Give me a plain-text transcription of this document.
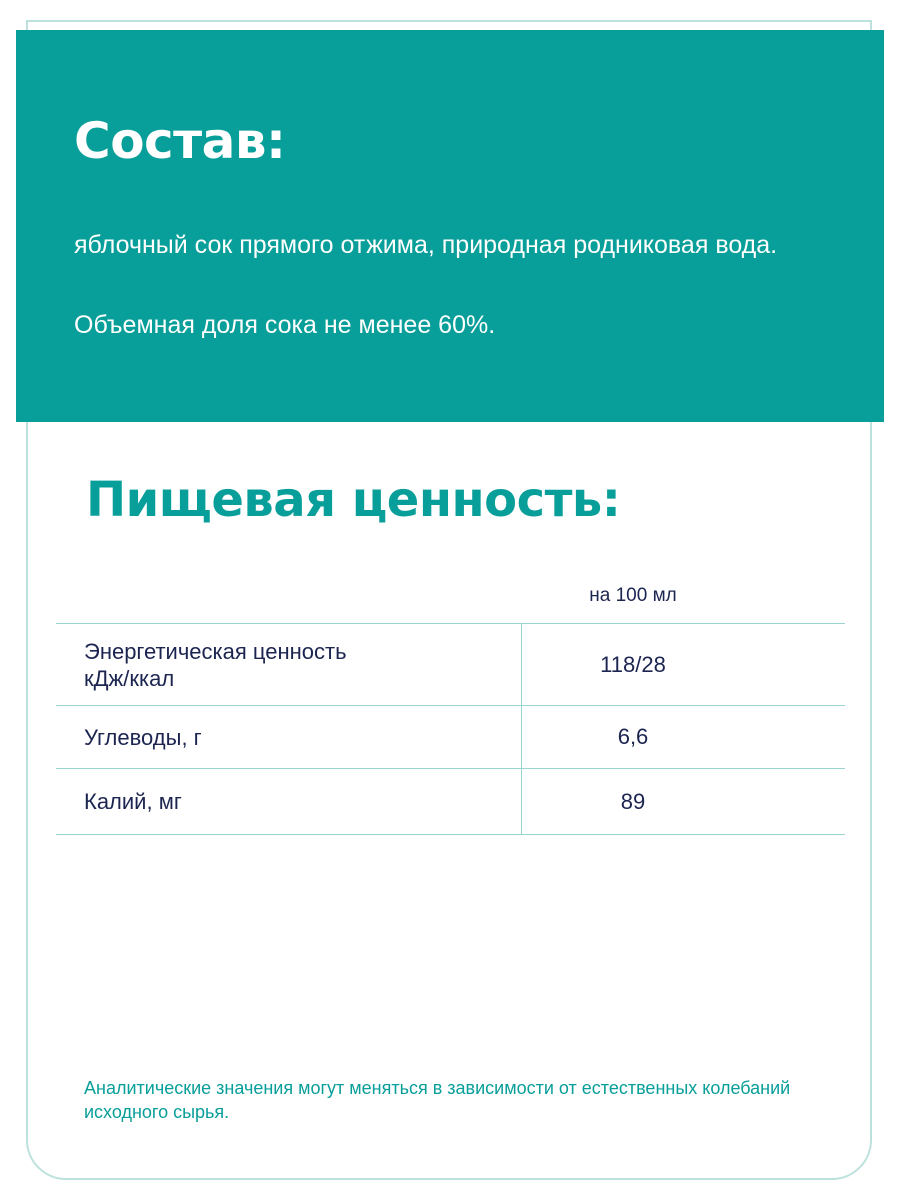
Состав:

яблочный сок прямого отжима, природная родниковая вода.

Объемная доля сока не менее 60%.

Пищевая ценность:
на 100 мл
Энергетическая ценность
кДж/ккал
118/28
Углеводы, г	6,6
Калий, мг	89

Аналитические значения могут меняться в зависимости от естественных колебаний исходного сырья.
